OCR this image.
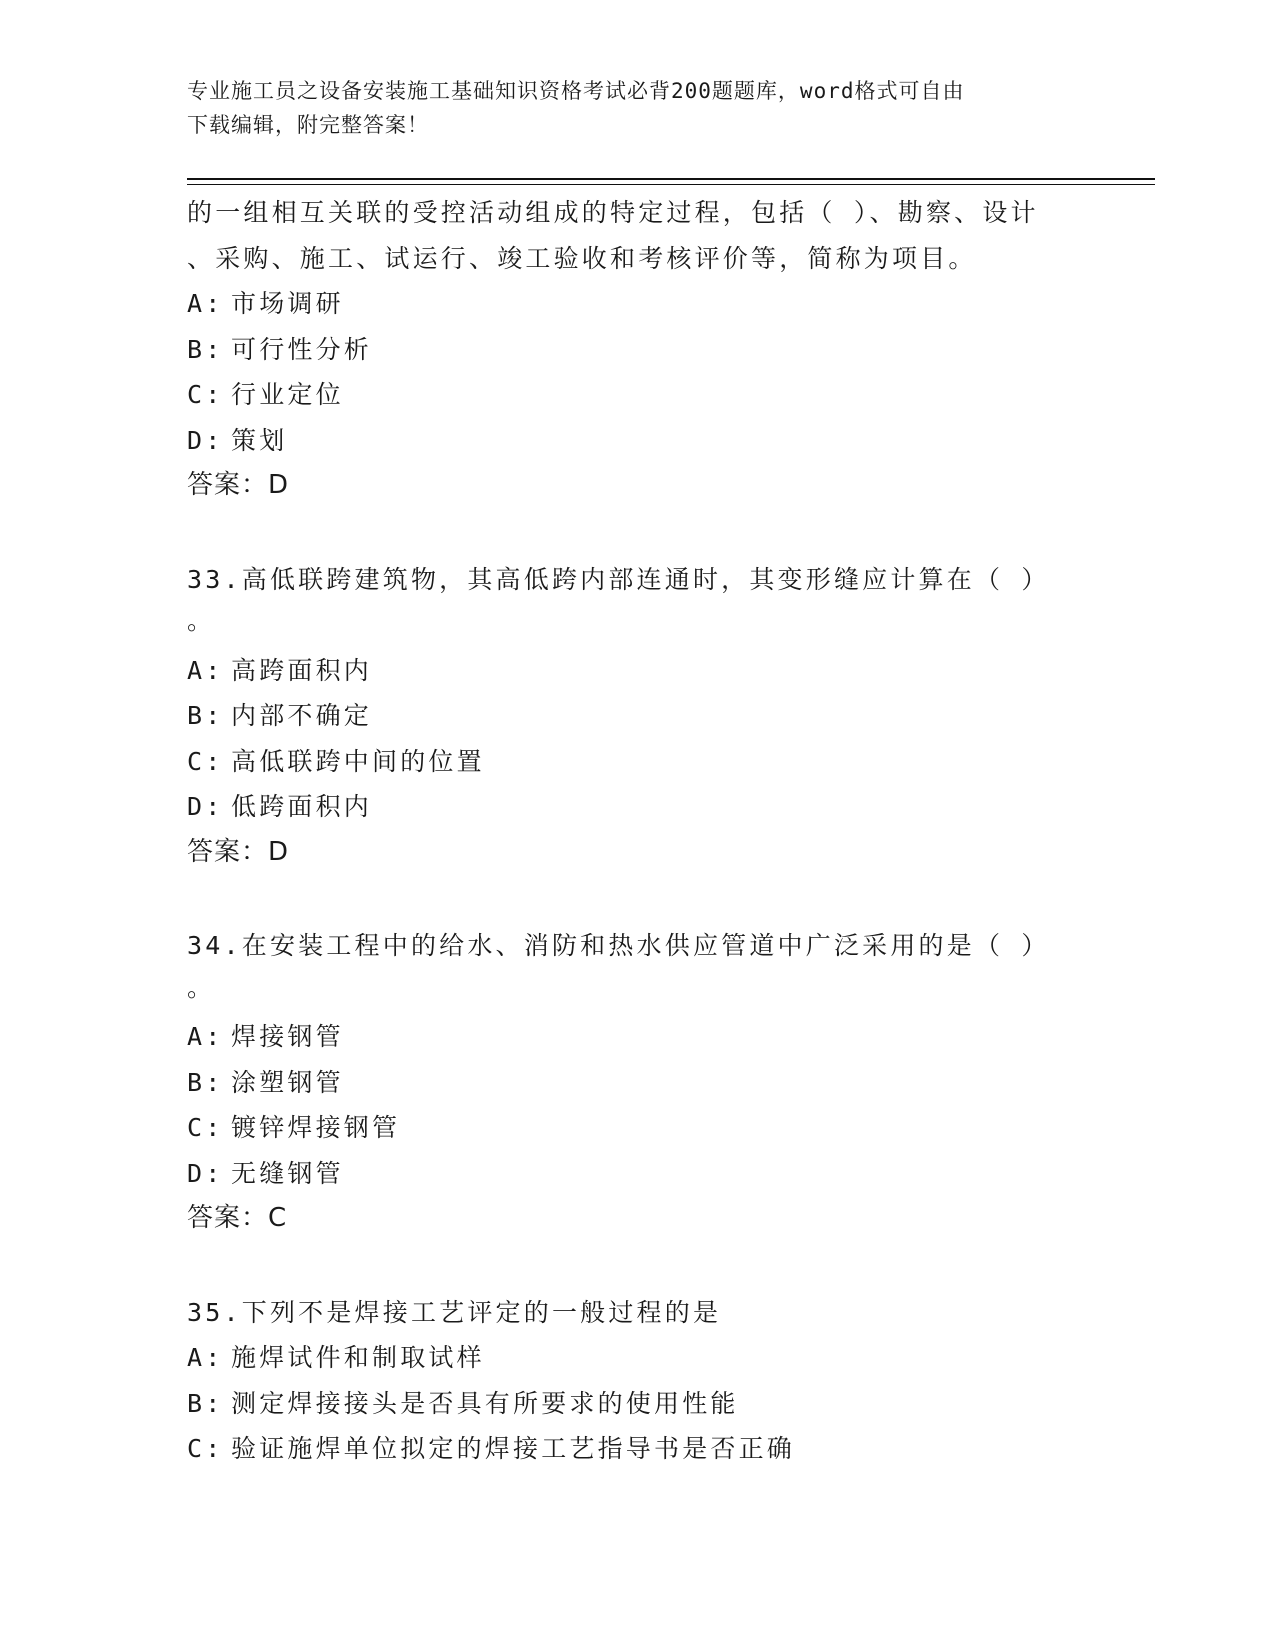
专业施工员之设备安装施工基础知识资格考试必背200题题库，word格式可自由
下载编辑，附完整答案！
的一组相互关联的受控活动组成的特定过程，包括（ ）、勘察、设计
、采购、施工、试运行、竣工验收和考核评价等，简称为项目。
A: 市场调研
B: 可行性分析
C: 行业定位
D: 策划
答案：D
33.高低联跨建筑物，其高低跨内部连通时，其变形缝应计算在（ ）
。
A: 高跨面积内
B: 内部不确定
C: 高低联跨中间的位置
D: 低跨面积内
答案：D
34.在安装工程中的给水、消防和热水供应管道中广泛采用的是（ ）
。
A: 焊接钢管
B: 涂塑钢管
C: 镀锌焊接钢管
D: 无缝钢管
答案：C
35.下列不是焊接工艺评定的一般过程的是
A: 施焊试件和制取试样
B: 测定焊接接头是否具有所要求的使用性能
C: 验证施焊单位拟定的焊接工艺指导书是否正确
